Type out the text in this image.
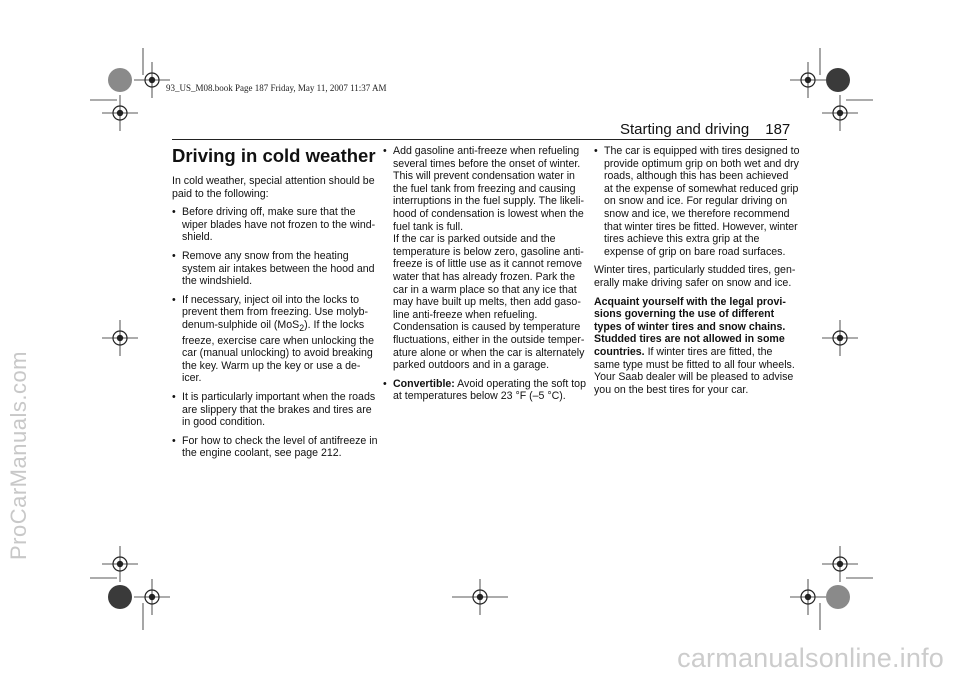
ProCarManuals.com
93_US_M08.book Page 187 Friday, May 11, 2007 11:37 AM
Starting and driving 187
Driving in cold weather

In cold weather, special attention should be paid to the following:

• Before driving off, make sure that the wiper blades have not frozen to the wind-shield.
• Remove any snow from the heating system air intakes between the hood and the windshield.
• If necessary, inject oil into the locks to prevent them from freezing. Use molyb-denum-sulphide oil (MoS$_2$). If the locks freeze, exercise care when unlocking the car (manual unlocking) to avoid breaking the key. Warm up the key or use a de-icer.
• It is particularly important when the roads are slippery that the brakes and tires are in good condition.
• For how to check the level of antifreeze in the engine coolant, see page 212.
• Add gasoline anti-freeze when refueling several times before the onset of winter. This will prevent condensation water in the fuel tank from freezing and causing interruptions in the fuel supply. The likeli-hood of condensation is lowest when the fuel tank is full.
If the car is parked outside and the temperature is below zero, gasoline anti-freeze is of little use as it cannot remove water that has already frozen. Park the car in a warm place so that any ice that may have built up melts, then add gaso-line anti-freeze when refueling.
Condensation is caused by temperature fluctuations, either in the outside temper-ature alone or when the car is alternately parked outdoors and in a garage.
• Convertible: Avoid operating the soft top at temperatures below 23 °F (–5 °C).
• The car is equipped with tires designed to provide optimum grip on both wet and dry roads, although this has been achieved at the expense of somewhat reduced grip on snow and ice. For regular driving on snow and ice, we therefore recommend that winter tires be fitted. However, winter tires achieve this extra grip at the expense of grip on bare road surfaces.

Winter tires, particularly studded tires, gen-erally make driving safer on snow and ice.

Acquaint yourself with the legal provi-sions governing the use of different types of winter tires and snow chains. Studded tires are not allowed in some countries. If winter tires are fitted, the same type must be fitted to all four wheels. Your Saab dealer will be pleased to advise you on the best tires for your car.

carmanualsonline.info
